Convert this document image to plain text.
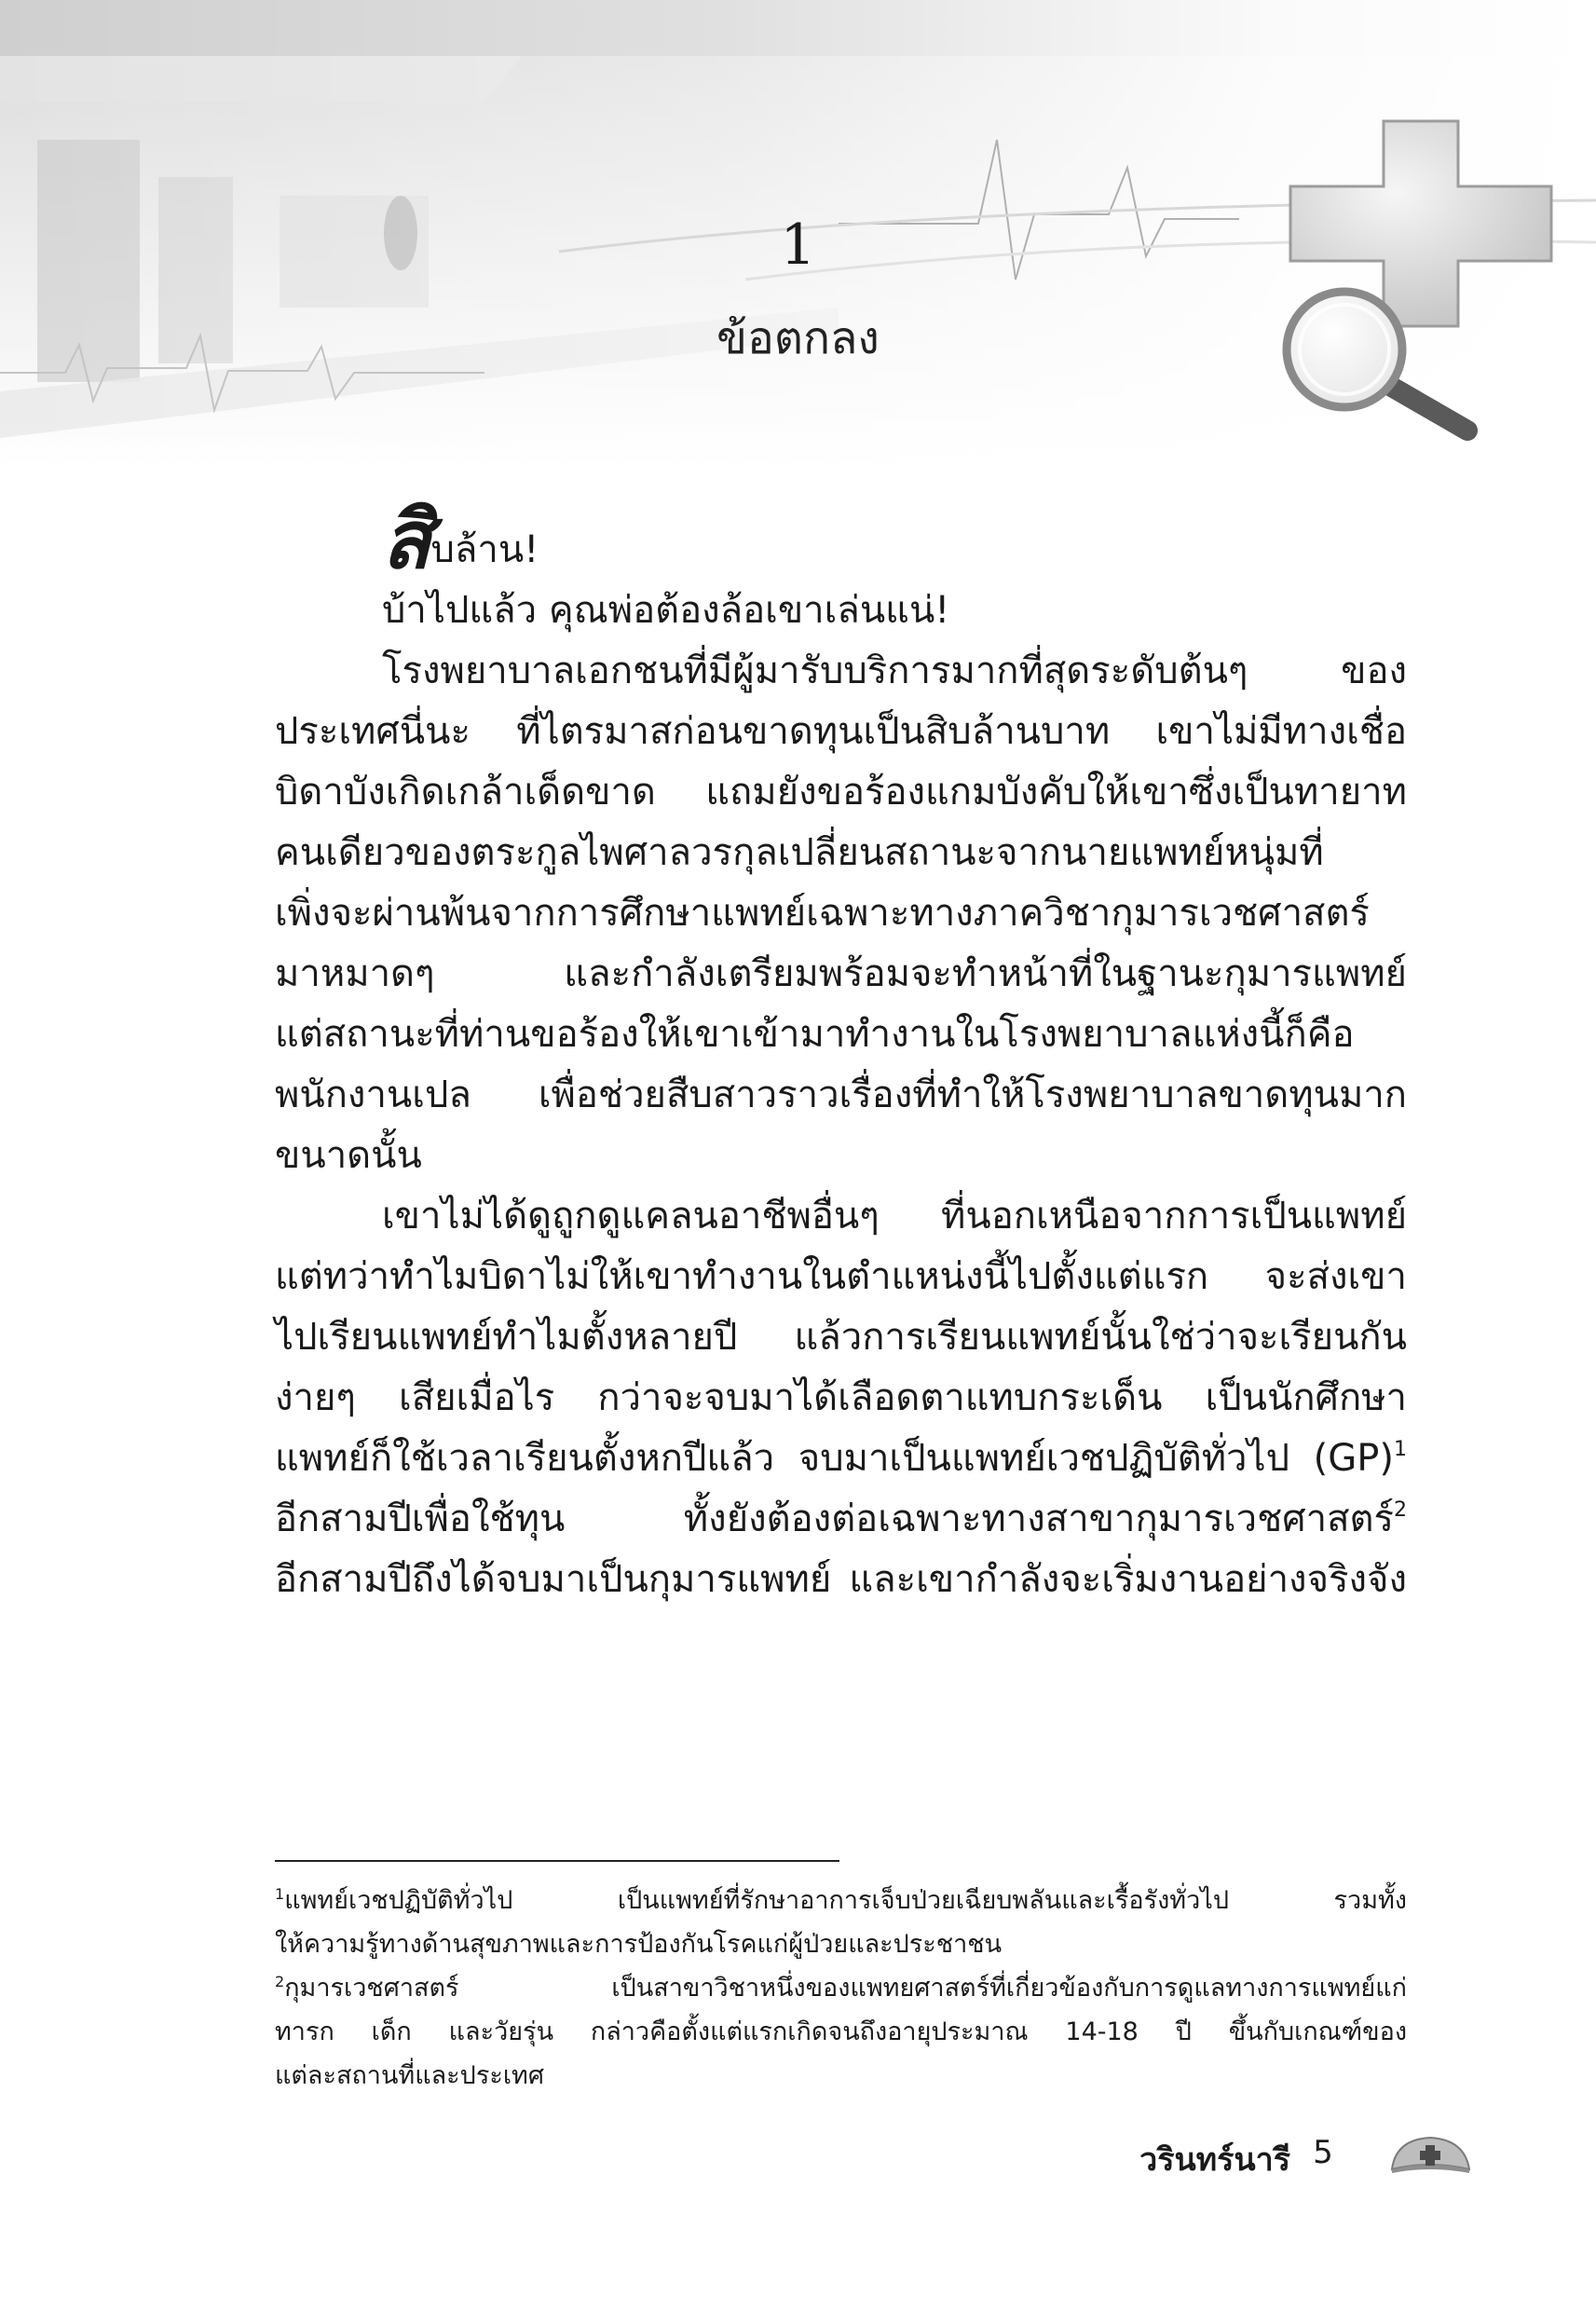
1
ข้อตกลง

สิบล้าน!

บ้าไปแล้ว คุณพ่อต้องล้อเขาเล่นแน่!

โรงพยาบาลเอกชนที่มีผู้มารับบริการมากที่สุดระดับต้นๆ ของ

ประเทศนี่นะ ที่ไตรมาสก่อนขาดทุนเป็นสิบล้านบาท เขาไม่มีทางเชื่อ

บิดาบังเกิดเกล้าเด็ดขาด แถมยังขอร้องแกมบังคับให้เขาซึ่งเป็นทายาท

คนเดียวของตระกูลไพศาลวรกุลเปลี่ยนสถานะจากนายแพทย์หนุ่มที่

เพิ่งจะผ่านพ้นจากการศึกษาแพทย์เฉพาะทางภาควิชากุมารเวชศาสตร์

มาหมาดๆ และกำลังเตรียมพร้อมจะทำหน้าที่ในฐานะกุมารแพทย์

แต่สถานะที่ท่านขอร้องให้เขาเข้ามาทำงานในโรงพยาบาลแห่งนี้ก็คือ

พนักงานเปล เพื่อช่วยสืบสาวราวเรื่องที่ทำให้โรงพยาบาลขาดทุนมาก

ขนาดนั้น

เขาไม่ได้ดูถูกดูแคลนอาชีพอื่นๆ ที่นอกเหนือจากการเป็นแพทย์

แต่ทว่าทำไมบิดาไม่ให้เขาทำงานในตำแหน่งนี้ไปตั้งแต่แรก จะส่งเขา

ไปเรียนแพทย์ทำไมตั้งหลายปี แล้วการเรียนแพทย์นั้นใช่ว่าจะเรียนกัน

ง่ายๆ เสียเมื่อไร กว่าจะจบมาได้เลือดตาแทบกระเด็น เป็นนักศึกษา

แพทย์ก็ใช้เวลาเรียนตั้งหกปีแล้ว จบมาเป็นแพทย์เวชปฏิบัติทั่วไป (GP)$^1$

อีกสามปีเพื่อใช้ทุน ทั้งยังต้องต่อเฉพาะทางสาขากุมารเวชศาสตร์$^2$

อีกสามปีถึงได้จบมาเป็นกุมารแพทย์ และเขากำลังจะเริ่มงานอย่างจริงจัง

$^1$แพทย์เวชปฏิบัติทั่วไป เป็นแพทย์ที่รักษาอาการเจ็บป่วยเฉียบพลันและเรื้อรังทั่วไป รวมทั้ง

ให้ความรู้ทางด้านสุขภาพและการป้องกันโรคแก่ผู้ป่วยและประชาชน

$^2$กุมารเวชศาสตร์ เป็นสาขาวิชาหนึ่งของแพทยศาสตร์ที่เกี่ยวข้องกับการดูแลทางการแพทย์แก่

ทารก เด็ก และวัยรุ่น กล่าวคือตั้งแต่แรกเกิดจนถึงอายุประมาณ 14-18 ปี ขึ้นกับเกณฑ์ของ

แต่ละสถานที่และประเทศ

วรินทร์นารี 5
